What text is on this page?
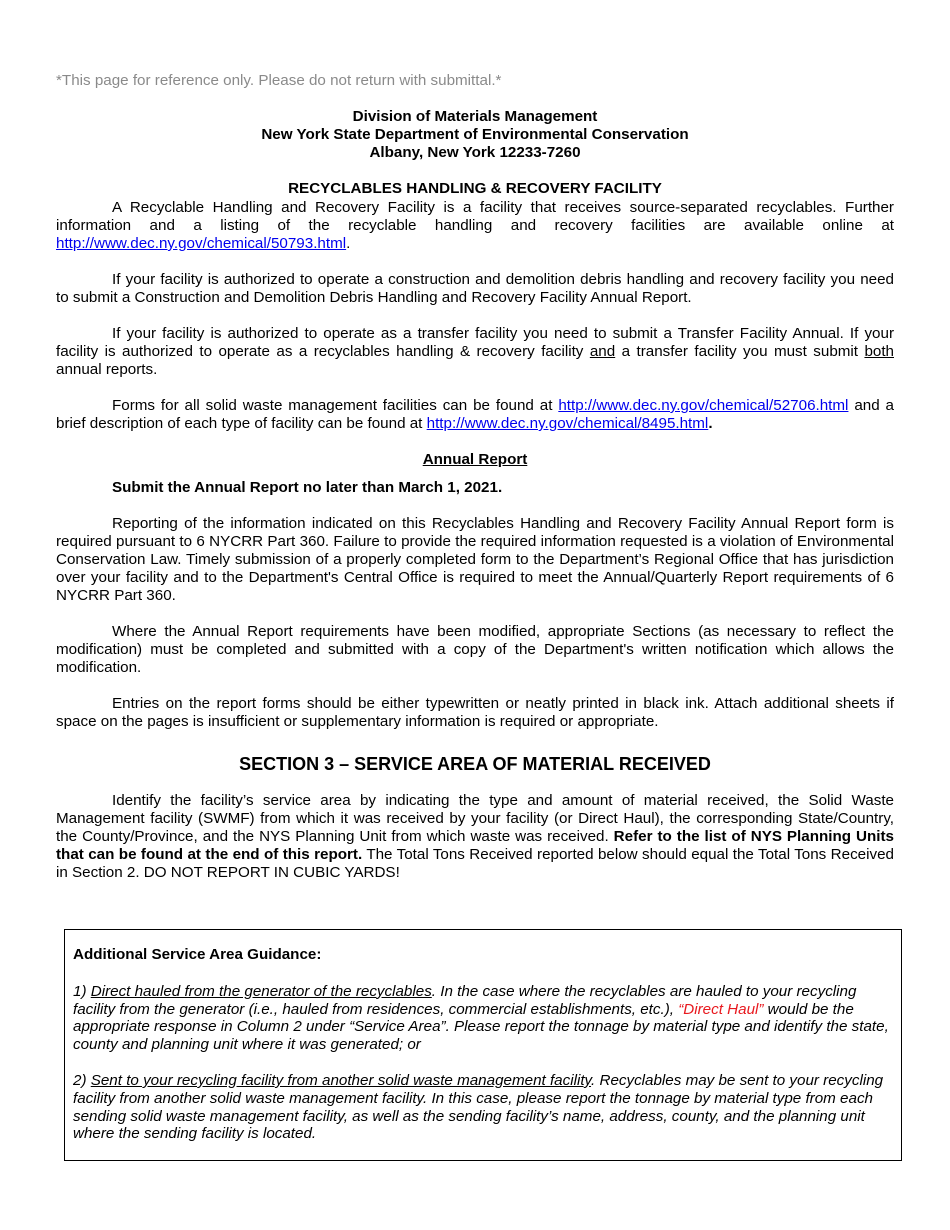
*This page for reference only. Please do not return with submittal.*

Division of Materials Management
New York State Department of Environmental Conservation
Albany, New York 12233-7260

RECYCLABLES HANDLING & RECOVERY FACILITY

A Recyclable Handling and Recovery Facility is a facility that receives source-separated recyclables. Further information and a listing of the recyclable handling and recovery facilities are available online at http://www.dec.ny.gov/chemical/50793.html.

If your facility is authorized to operate a construction and demolition debris handling and recovery facility you need to submit a Construction and Demolition Debris Handling and Recovery Facility Annual Report.

If your facility is authorized to operate as a transfer facility you need to submit a Transfer Facility Annual. If your facility is authorized to operate as a recyclables handling & recovery facility and a transfer facility you must submit both annual reports.

Forms for all solid waste management facilities can be found at http://www.dec.ny.gov/chemical/52706.html and a brief description of each type of facility can be found at http://www.dec.ny.gov/chemical/8495.html.

Annual Report

Submit the Annual Report no later than March 1, 2021.

Reporting of the information indicated on this Recyclables Handling and Recovery Facility Annual Report form is required pursuant to 6 NYCRR Part 360. Failure to provide the required information requested is a violation of Environmental Conservation Law. Timely submission of a properly completed form to the Department’s Regional Office that has jurisdiction over your facility and to the Department's Central Office is required to meet the Annual/Quarterly Report requirements of 6 NYCRR Part 360.

Where the Annual Report requirements have been modified, appropriate Sections (as necessary to reflect the modification) must be completed and submitted with a copy of the Department's written notification which allows the modification.

Entries on the report forms should be either typewritten or neatly printed in black ink. Attach additional sheets if space on the pages is insufficient or supplementary information is required or appropriate.

SECTION 3 – SERVICE AREA OF MATERIAL RECEIVED

Identify the facility’s service area by indicating the type and amount of material received, the Solid Waste Management facility (SWMF) from which it was received by your facility (or Direct Haul), the corresponding State/Country, the County/Province, and the NYS Planning Unit from which waste was received. Refer to the list of NYS Planning Units that can be found at the end of this report. The Total Tons Received reported below should equal the Total Tons Received in Section 2. DO NOT REPORT IN CUBIC YARDS!

Additional Service Area Guidance:

1) Direct hauled from the generator of the recyclables. In the case where the recyclables are hauled to your recycling facility from the generator (i.e., hauled from residences, commercial establishments, etc.), “Direct Haul” would be the appropriate response in Column 2 under “Service Area”. Please report the tonnage by material type and identify the state, county and planning unit where it was generated; or

2) Sent to your recycling facility from another solid waste management facility. Recyclables may be sent to your recycling facility from another solid waste management facility. In this case, please report the tonnage by material type from each sending solid waste management facility, as well as the sending facility’s name, address, county, and the planning unit where the sending facility is located.
